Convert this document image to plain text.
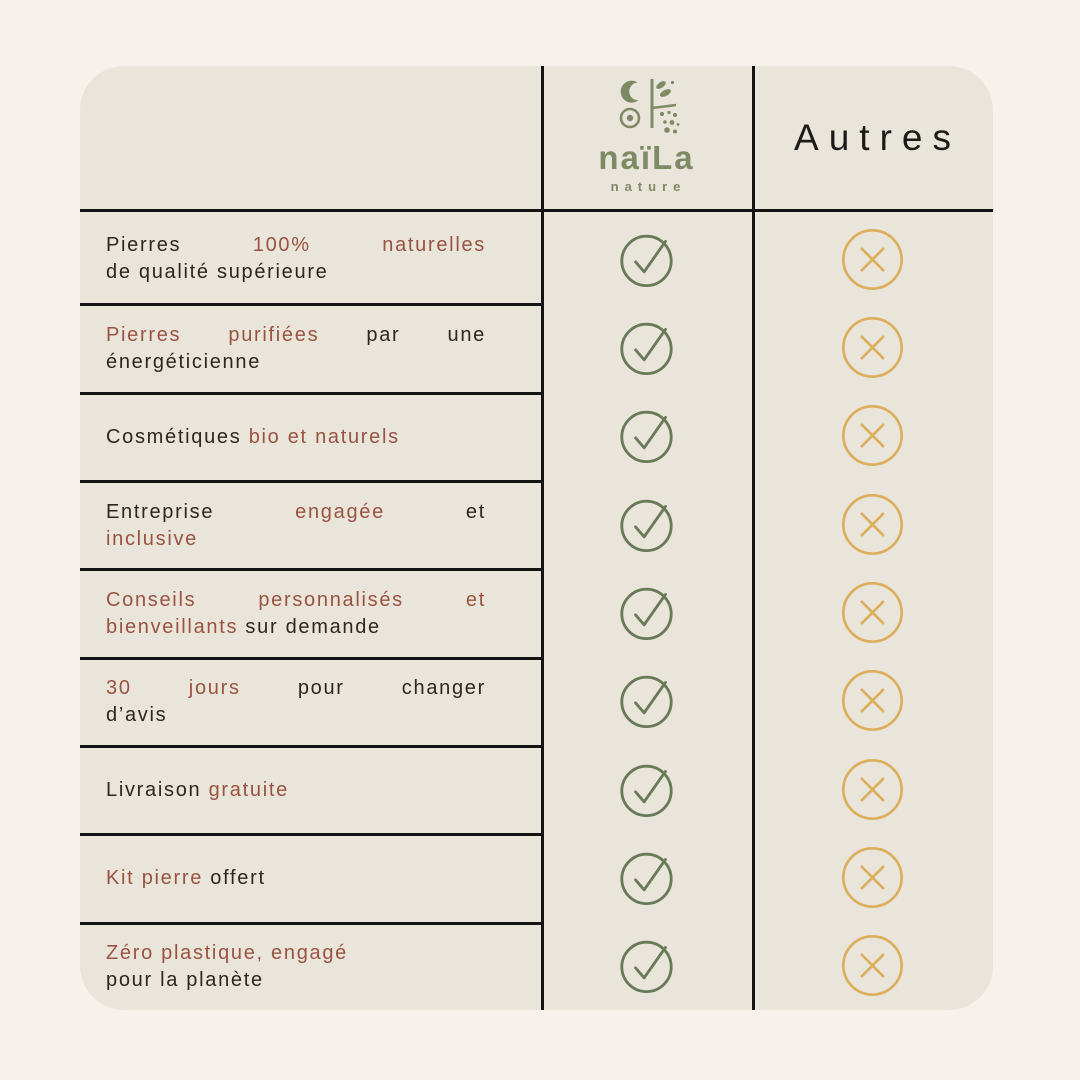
naïLa
nature
Autres
Pierres 100% naturelles
de qualité supérieure
Pierres purifiées par une
énergéticienne
Cosmétiques bio et naturels
Entreprise engagée et
inclusive
Conseils personnalisés et
bienveillants sur demande
30 jours pour changer
d’avis
Livraison gratuite
Kit pierre offert
Zéro plastique, engagé
pour la planète
